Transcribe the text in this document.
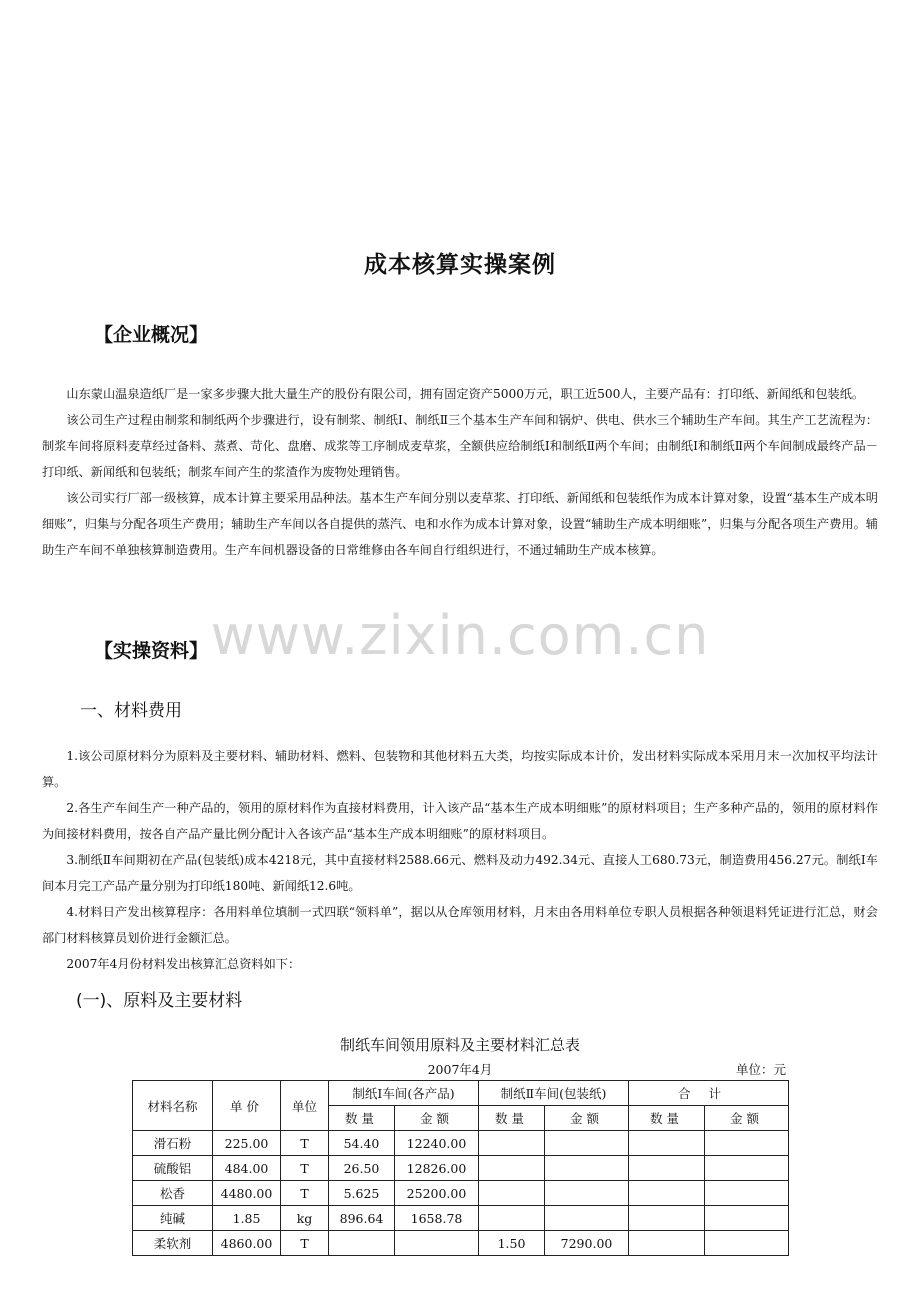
成本核算实操案例
【企业概况】
山东蒙山温泉造纸厂是一家多步骤大批大量生产的股份有限公司，拥有固定资产5000万元，职工近500人，主要产品有：打印纸、新闻纸和包装纸。
该公司生产过程由制浆和制纸两个步骤进行，设有制浆、制纸Ⅰ、制纸Ⅱ三个基本生产车间和锅炉、供电、供水三个辅助生产车间。其生产工艺流程为：制浆车间将原料麦草经过备料、蒸煮、苛化、盘磨、成浆等工序制成麦草浆，全额供应给制纸Ⅰ和制纸Ⅱ两个车间；由制纸Ⅰ和制纸Ⅱ两个车间制成最终产品－打印纸、新闻纸和包装纸；制浆车间产生的浆渣作为废物处理销售。
该公司实行厂部一级核算，成本计算主要采用品种法。基本生产车间分别以麦草浆、打印纸、新闻纸和包装纸作为成本计算对象，设置“基本生产成本明细账”，归集与分配各项生产费用；辅助生产车间以各自提供的蒸汽、电和水作为成本计算对象，设置“辅助生产成本明细账”，归集与分配各项生产费用。辅助生产车间不单独核算制造费用。生产车间机器设备的日常维修由各车间自行组织进行，不通过辅助生产成本核算。
www.zixin.com.cn
【实操资料】
一、材料费用
1.该公司原材料分为原料及主要材料、辅助材料、燃料、包装物和其他材料五大类，均按实际成本计价，发出材料实际成本采用月末一次加权平均法计算。
2.各生产车间生产一种产品的，领用的原材料作为直接材料费用，计入该产品“基本生产成本明细账”的原材料项目；生产多种产品的，领用的原材料作为间接材料费用，按各自产品产量比例分配计入各该产品“基本生产成本明细账”的原材料项目。
3.制纸Ⅱ车间期初在产品(包装纸)成本4218元，其中直接材料2588.66元、燃料及动力492.34元、直接人工680.73元，制造费用456.27元。制纸Ⅰ车间本月完工产品产量分别为打印纸180吨、新闻纸12.6吨。
4.材料日产发出核算程序：各用料单位填制一式四联“领料单”，据以从仓库领用材料，月末由各用料单位专职人员根据各种领退料凭证进行汇总，财会部门材料核算员划价进行金额汇总。
2007年4月份材料发出核算汇总资料如下：
(一)、原料及主要材料
制纸车间领用原料及主要材料汇总表
2007年4月	单位：元
材料名称	单价	单位	制纸Ⅰ车间(各产品)		制纸Ⅱ车间(包装纸)		合计	
			数量	金额	数量	金额	数量	金额
滑石粉	225.00	T	54.40	12240.00				
硫酸铝	484.00	T	26.50	12826.00				
松香	4480.00	T	5.625	25200.00				
纯碱	1.85	kg	896.64	1658.78				
柔软剂	4860.00	T			1.50	7290.00		
